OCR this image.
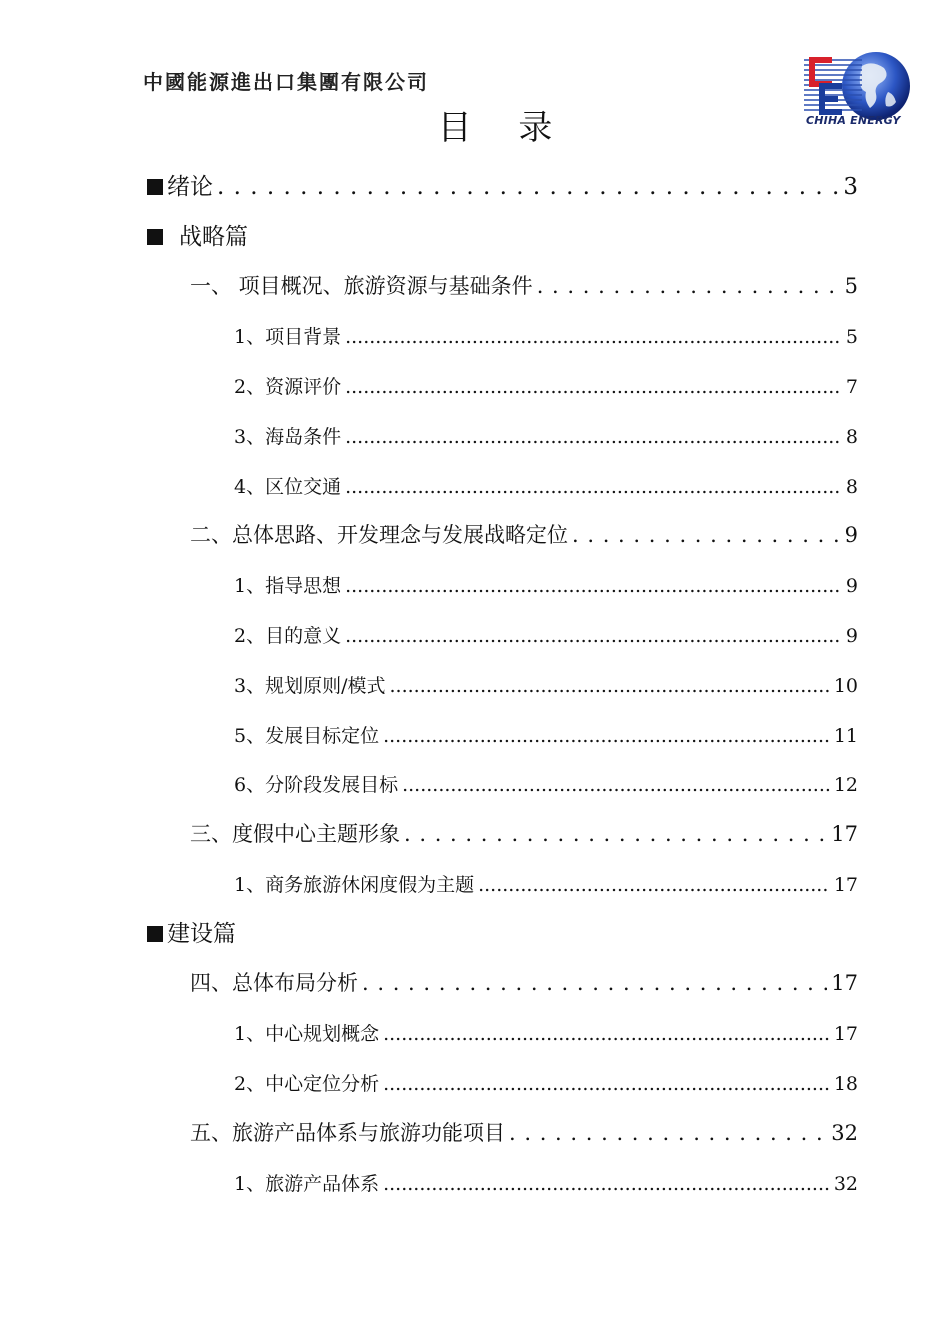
中國能源進出口集團有限公司
CHIHA ENERGY
目 录
绪论 . . .	3
战略篇
一、 项目概况、旅游资源与基础条件 . . .	5
1、项目背景 .....	5
2、资源评价 .....	7
3、海岛条件 .....	8
4、区位交通 .....	8
二、总体思路、开发理念与发展战略定位 . . .	9
1、指导思想 .....	9
2、目的意义 .....	9
3、规划原则/模式 .....	10
5、发展目标定位 .....	11
6、分阶段发展目标 .....	12
三、度假中心主题形象 . . .	17
1、商务旅游休闲度假为主题 .....	17
建设篇
四、总体布局分析 . . .	17
1、中心规划概念 .....	17
2、中心定位分析 .....	18
五、旅游产品体系与旅游功能项目 . . .	32
1、旅游产品体系 .....	32
